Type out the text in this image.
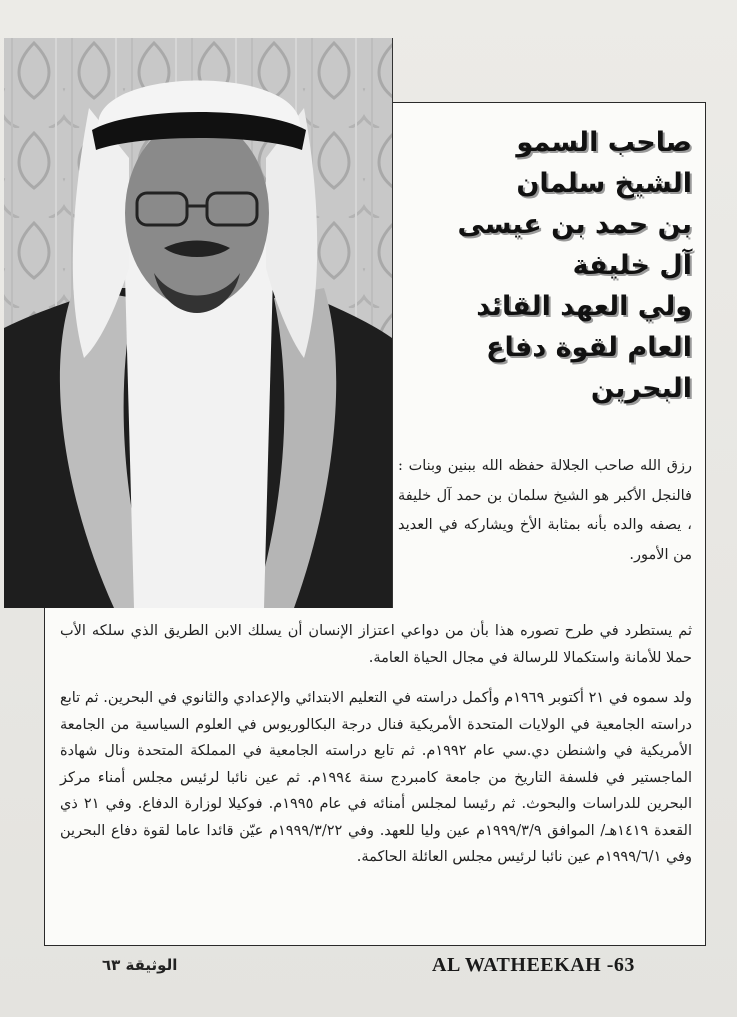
صاحب السمو
الشيخ سلمان
بن حمد بن عيسى
آل خليفة
ولي العهد القائد
العام لقوة دفاع
البحرين

رزق الله صاحب الجلالة حفظه الله ببنين وبنات : فالنجل الأكبر هو الشيخ سلمان بن حمد آل خليفة ، يصفه والده بأنه بمثابة الأخ ويشاركه في العديد من الأمور.

ثم يستطرد في طرح تصوره هذا بأن من دواعي اعتزاز الإنسان أن يسلك الابن الطريق الذي سلكه الأب حملا للأمانة واستكمالا للرسالة في مجال الحياة العامة.

ولد سموه في ٢١ أكتوبر ١٩٦٩م وأكمل دراسته في التعليم الابتدائي والإعدادي والثانوي في البحرين. ثم تابع دراسته الجامعية في الولايات المتحدة الأمريكية فنال درجة البكالوريوس في العلوم السياسية من الجامعة الأمريكية في واشنطن دي.سي عام ١٩٩٢م. ثم تابع دراسته الجامعية في المملكة المتحدة ونال شهادة الماجستير في فلسفة التاريخ من جامعة كامبردج سنة ١٩٩٤م. ثم عين نائبا لرئيس مجلس أمناء مركز البحرين للدراسات والبحوث. ثم رئيسا لمجلس أمنائه في عام ١٩٩٥م. فوكيلا لوزارة الدفاع. وفي ٢١ ذي القعدة ١٤١٩هـ/ الموافق ١٩٩٩/٣/٩م عين وليا للعهد. وفي ١٩٩٩/٣/٢٢م عيّن قائدا عاما لقوة دفاع البحرين وفي ١٩٩٩/٦/١م عين نائبا لرئيس مجلس العائلة الحاكمة.

الوثيقة ٦٣	AL WATHEEKAH -63
